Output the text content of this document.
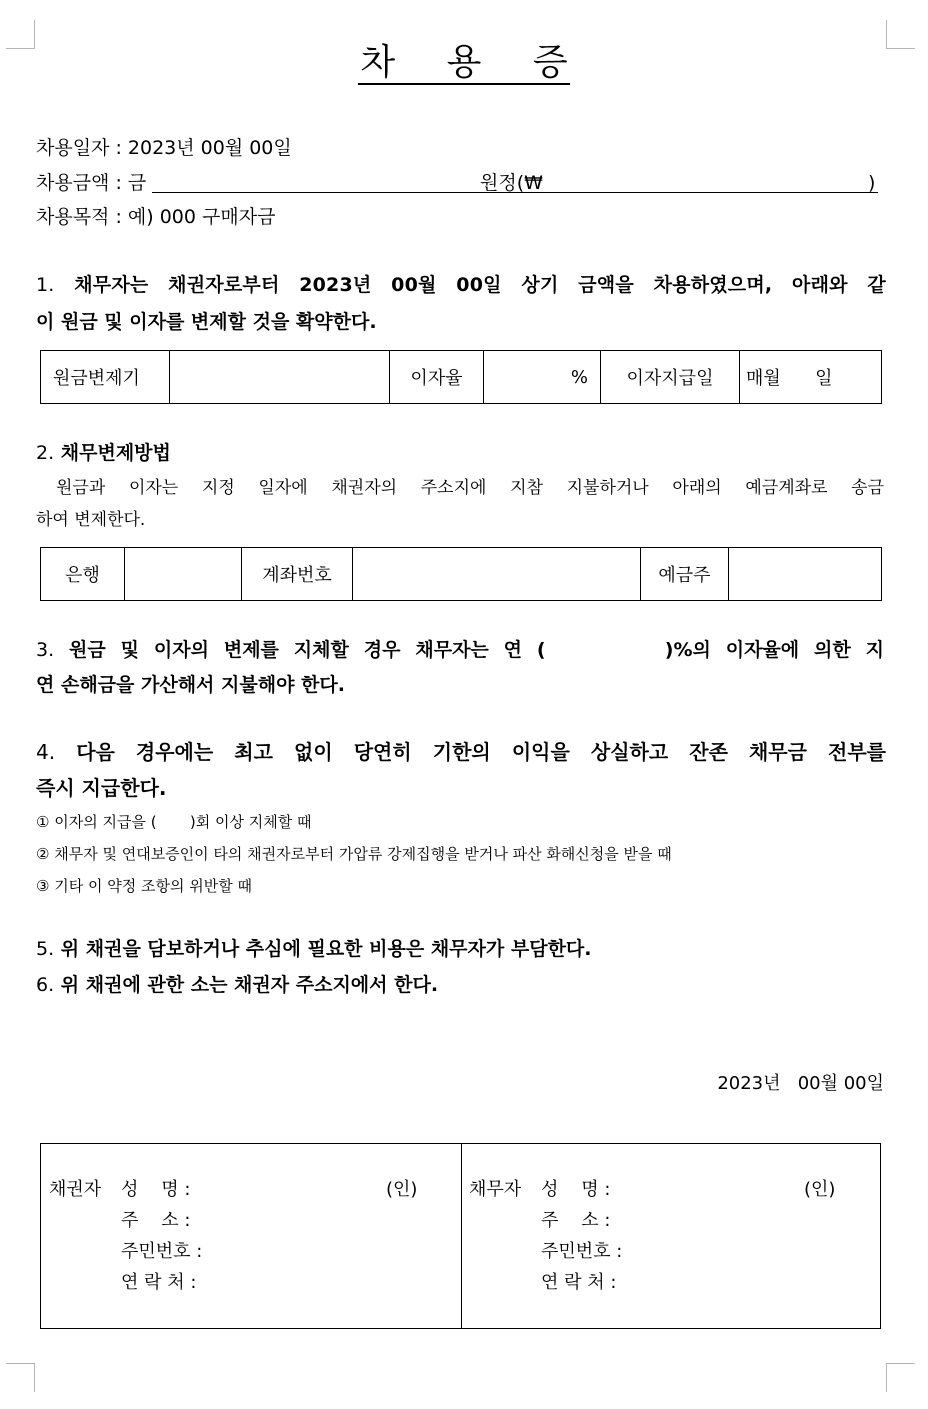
차 용 증
차용일자 : 2023년 00월 00일
차용금액 : 금	원정(₩	)
차용목적 : 예) 000 구매자금
1. 채무자는 채권자로부터 2023년 00월 00일 상기 금액을 차용하였으며, 아래와 같
이 원금 및 이자를 변제할 것을 확약한다.
원금변제기		이자율	%	이자지급일	매월      일
2. 채무변제방법
원금과 이자는 지정 일자에 채권자의 주소지에 지참 지불하거나 아래의 예금계좌로 송금
하여 변제한다.
은행		계좌번호		예금주	
3. 원금 및 이자의 변제를 지체할 경우 채무자는 연 (        )%의 이자율에 의한 지
연 손해금을 가산해서 지불해야 한다.
4. 다음 경우에는 최고 없이 당연히 기한의 이익을 상실하고 잔존 채무금 전부를
즉시 지급한다.
① 이자의 지급을 (       )회 이상 지체할 때
② 채무자 및 연대보증인이 타의 채권자로부터 가압류 강제집행을 받거나 파산 화해신청을 받을 때
③ 기타 이 약정 조항의 위반할 때
5. 위 채권을 담보하거나 추심에 필요한 비용은 채무자가 부담한다.
6. 위 채권에 관한 소는 채권자 주소지에서 한다.
2023년   00월 00일
채권자 성    명 :	(인)
주    소 :
주민번호 :
연 락 처 :
채무자 성    명 :	(인)
주    소 :
주민번호 :
연 락 처 :
